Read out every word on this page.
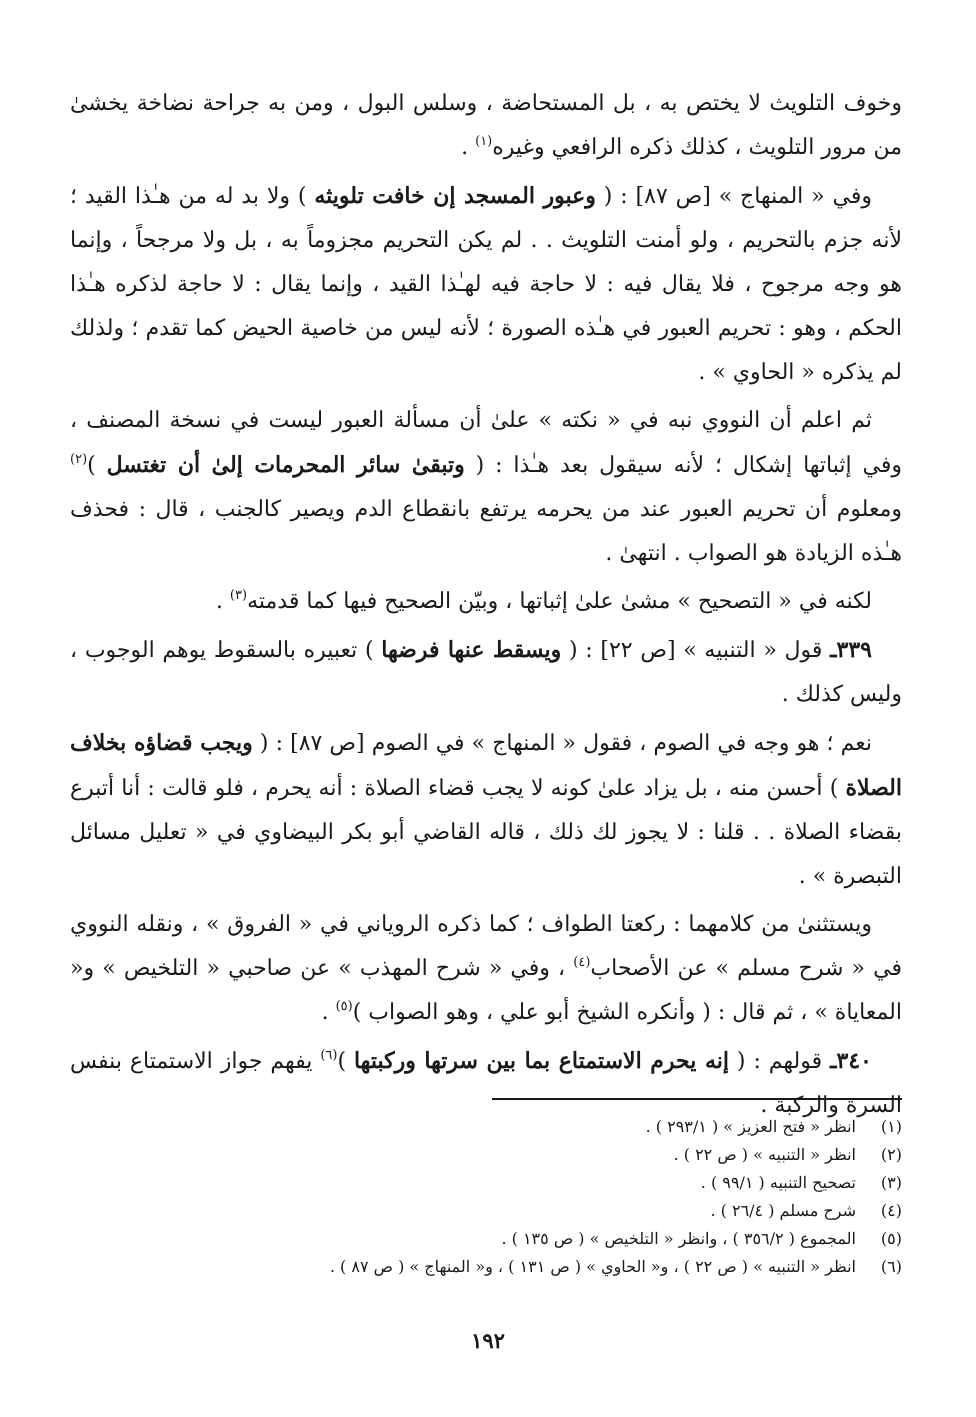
وخوف التلويث لا يختص به ، بل المستحاضة ، وسلس البول ، ومن به جراحة نضاخة يخشىٰ من مرور التلويث ، كذلك ذكره الرافعي وغيره$^{(١)}$ .

وفي « المنهاج » [ص ٨٧] : ( وعبور المسجد إن خافت تلويثه ) ولا بد له من هـٰذا القيد ؛ لأنه جزم بالتحريم ، ولو أمنت التلويث . . لم يكن التحريم مجزوماً به ، بل ولا مرجحاً ، وإنما هو وجه مرجوح ، فلا يقال فيه : لا حاجة فيه لهـٰذا القيد ، وإنما يقال : لا حاجة لذكره هـٰذا الحكم ، وهو : تحريم العبور في هـٰذه الصورة ؛ لأنه ليس من خاصية الحيض كما تقدم ؛ ولذلك لم يذكره « الحاوي » .

ثم اعلم أن النووي نبه في « نكته » علىٰ أن مسألة العبور ليست في نسخة المصنف ، وفي إثباتها إشكال ؛ لأنه سيقول بعد هـٰذا : ( وتبقىٰ سائر المحرمات إلىٰ أن تغتسل )$^{(٢)}$ ومعلوم أن تحريم العبور عند من يحرمه يرتفع بانقطاع الدم ويصير كالجنب ، قال : فحذف هـٰذه الزيادة هو الصواب . انتهىٰ .

لكنه في « التصحيح » مشىٰ علىٰ إثباتها ، وبيّن الصحيح فيها كما قدمته$^{(٣)}$ .

٣٣٩ـ قول « التنبيه » [ص ٢٢] : ( ويسقط عنها فرضها ) تعبيره بالسقوط يوهم الوجوب ، وليس كذلك .

نعم ؛ هو وجه في الصوم ، فقول « المنهاج » في الصوم [ص ٨٧] : ( ويجب قضاؤه بخلاف الصلاة ) أحسن منه ، بل يزاد علىٰ كونه لا يجب قضاء الصلاة : أنه يحرم ، فلو قالت : أنا أتبرع بقضاء الصلاة . . قلنا : لا يجوز لك ذلك ، قاله القاضي أبو بكر البيضاوي في « تعليل مسائل التبصرة » .

ويستثنىٰ من كلامهما : ركعتا الطواف ؛ كما ذكره الروياني في « الفروق » ، ونقله النووي في « شرح مسلم » عن الأصحاب$^{(٤)}$ ، وفي « شرح المهذب » عن صاحبي « التلخيص » و« المعاياة » ، ثم قال : ( وأنكره الشيخ أبو علي ، وهو الصواب )$^{(٥)}$ .

٣٤٠ـ قولهم : ( إنه يحرم الاستمتاع بما بين سرتها وركبتها )$^{(٦)}$ يفهم جواز الاستمتاع بنفس السرة والركبة .

(١)
انظر « فتح العزيز » ( ٢٩٣/١ ) .
(٢)
انظر « التنبيه » ( ص ٢٢ ) .
(٣)
تصحيح التنبيه ( ٩٩/١ ) .
(٤)
شرح مسلم ( ٢٦/٤ ) .
(٥)
المجموع ( ٣٥٦/٢ ) ، وانظر « التلخيص » ( ص ١٣٥ ) .
(٦)
انظر « التنبيه » ( ص ٢٢ ) ، و« الحاوي » ( ص ١٣١ ) ، و« المنهاج » ( ص ٨٧ ) .
١٩٢
